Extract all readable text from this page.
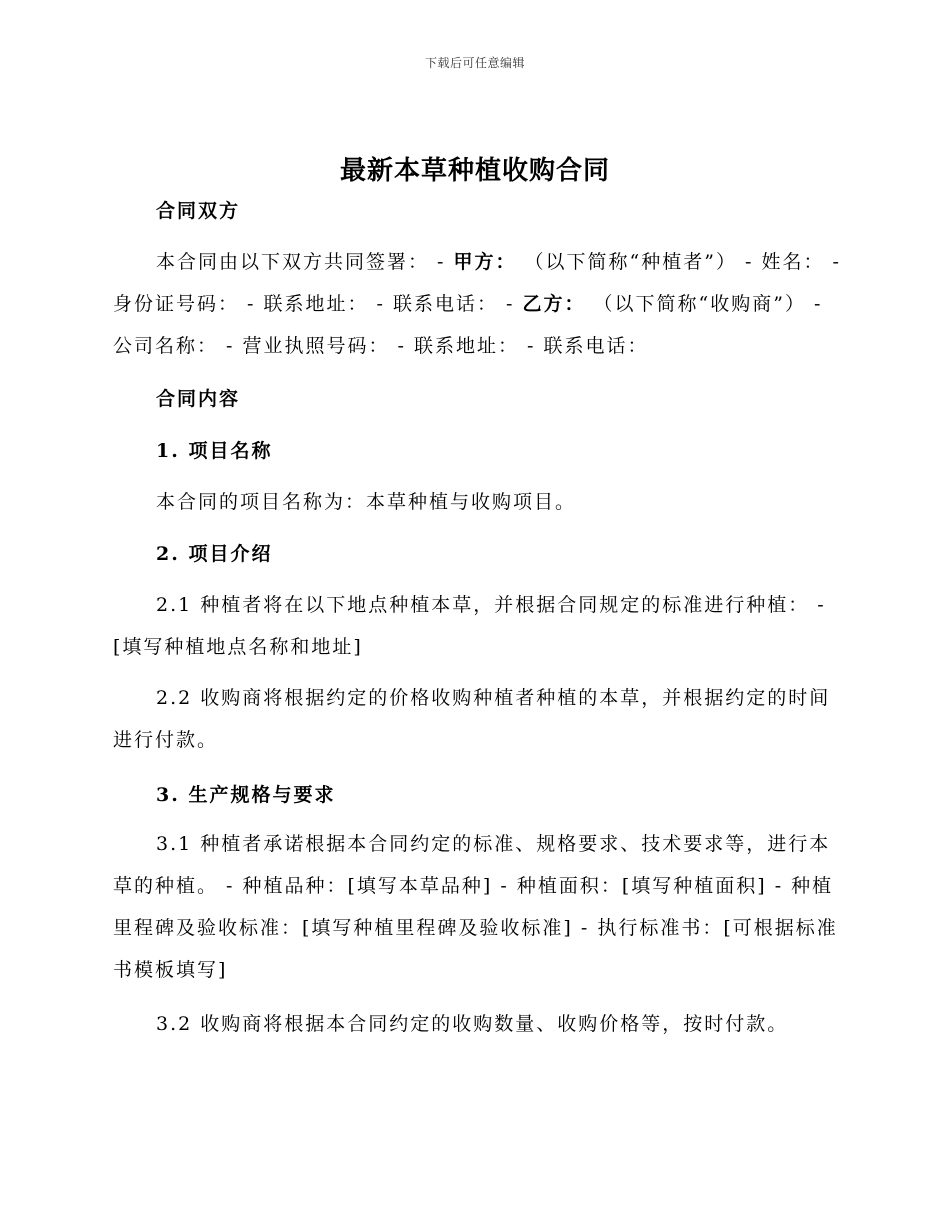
下载后可任意编辑
最新本草种植收购合同
合同双方

本合同由以下双方共同签署： - 甲方： （以下简称“种植者”） - 姓名： - 身份证号码： - 联系地址： - 联系电话： - 乙方： （以下简称“收购商”） - 公司名称： - 营业执照号码： - 联系地址： - 联系电话：

合同内容
1. 项目名称

本合同的项目名称为：本草种植与收购项目。

2. 项目介绍

2.1 种植者将在以下地点种植本草，并根据合同规定的标准进行种植： - [填写种植地点名称和地址]

2.2 收购商将根据约定的价格收购种植者种植的本草，并根据约定的时间进行付款。

3. 生产规格与要求

3.1 种植者承诺根据本合同约定的标准、规格要求、技术要求等，进行本草的种植。 - 种植品种：[填写本草品种] - 种植面积：[填写种植面积] - 种植里程碑及验收标准：[填写种植里程碑及验收标准] - 执行标准书：[可根据标准书模板填写]

3.2 收购商将根据本合同约定的收购数量、收购价格等，按时付款。
